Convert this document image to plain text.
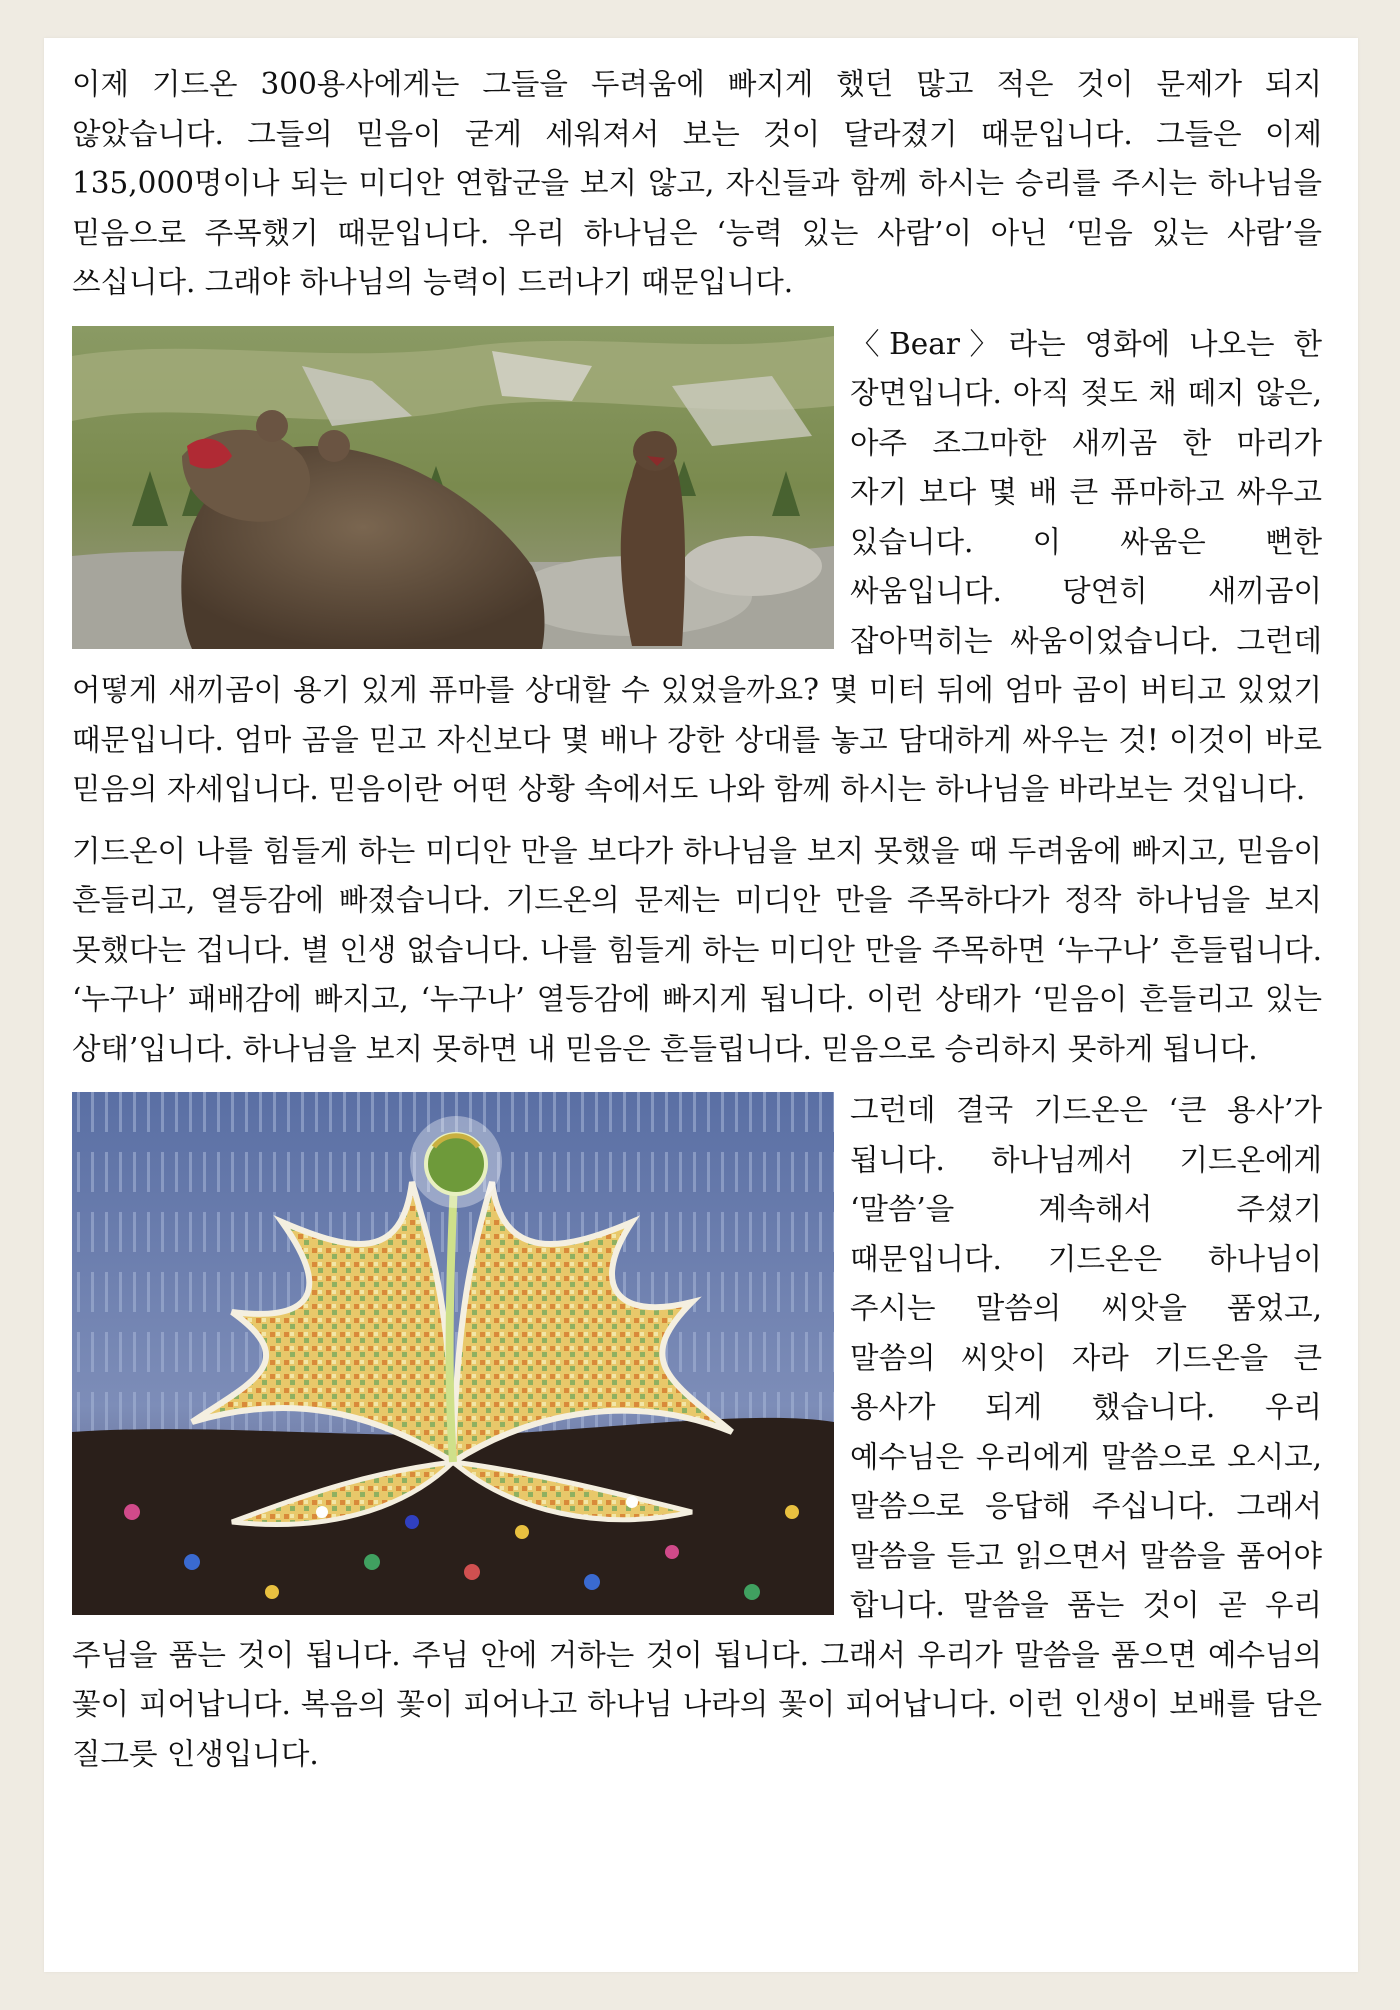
이제 기드온 300용사에게는 그들을 두려움에 빠지게 했던 많고 적은 것이 문제가 되지 않았습니다. 그들의 믿음이 굳게 세워져서 보는 것이 달라졌기 때문입니다. 그들은 이제 135,000명이나 되는 미디안 연합군을 보지 않고, 자신들과 함께 하시는 승리를 주시는 하나님을 믿음으로 주목했기 때문입니다. 우리 하나님은 ‘능력 있는 사람’이 아닌 ‘믿음 있는 사람’을 쓰십니다. 그래야 하나님의 능력이 드러나기 때문입니다.

〈Bear〉라는 영화에 나오는 한 장면입니다. 아직 젖도 채 떼지 않은, 아주 조그마한 새끼곰 한 마리가 자기 보다 몇 배 큰 퓨마하고 싸우고 있습니다. 이 싸움은 뻔한 싸움입니다. 당연히 새끼곰이 잡아먹히는 싸움이었습니다. 그런데 어떻게 새끼곰이 용기 있게 퓨마를 상대할 수 있었을까요? 몇 미터 뒤에 엄마 곰이 버티고 있었기 때문입니다. 엄마 곰을 믿고 자신보다 몇 배나 강한 상대를 놓고 담대하게 싸우는 것! 이것이 바로 믿음의 자세입니다. 믿음이란 어떤 상황 속에서도 나와 함께 하시는 하나님을 바라보는 것입니다.

기드온이 나를 힘들게 하는 미디안 만을 보다가 하나님을 보지 못했을 때 두려움에 빠지고, 믿음이 흔들리고, 열등감에 빠졌습니다. 기드온의 문제는 미디안 만을 주목하다가 정작 하나님을 보지 못했다는 겁니다. 별 인생 없습니다. 나를 힘들게 하는 미디안 만을 주목하면 ‘누구나’ 흔들립니다. ‘누구나’ 패배감에 빠지고, ‘누구나’ 열등감에 빠지게 됩니다. 이런 상태가 ‘믿음이 흔들리고 있는 상태’입니다. 하나님을 보지 못하면 내 믿음은 흔들립니다. 믿음으로 승리하지 못하게 됩니다.

그런데 결국 기드온은 ‘큰 용사’가 됩니다. 하나님께서 기드온에게 ‘말씀’을 계속해서 주셨기 때문입니다. 기드온은 하나님이 주시는 말씀의 씨앗을 품었고, 말씀의 씨앗이 자라 기드온을 큰 용사가 되게 했습니다. 우리 예수님은 우리에게 말씀으로 오시고, 말씀으로 응답해 주십니다. 그래서 말씀을 듣고 읽으면서 말씀을 품어야 합니다. 말씀을 품는 것이 곧 우리 주님을 품는 것이 됩니다. 주님 안에 거하는 것이 됩니다. 그래서 우리가 말씀을 품으면 예수님의 꽃이 피어납니다. 복음의 꽃이 피어나고 하나님 나라의 꽃이 피어납니다. 이런 인생이 보배를 담은 질그릇 인생입니다.
